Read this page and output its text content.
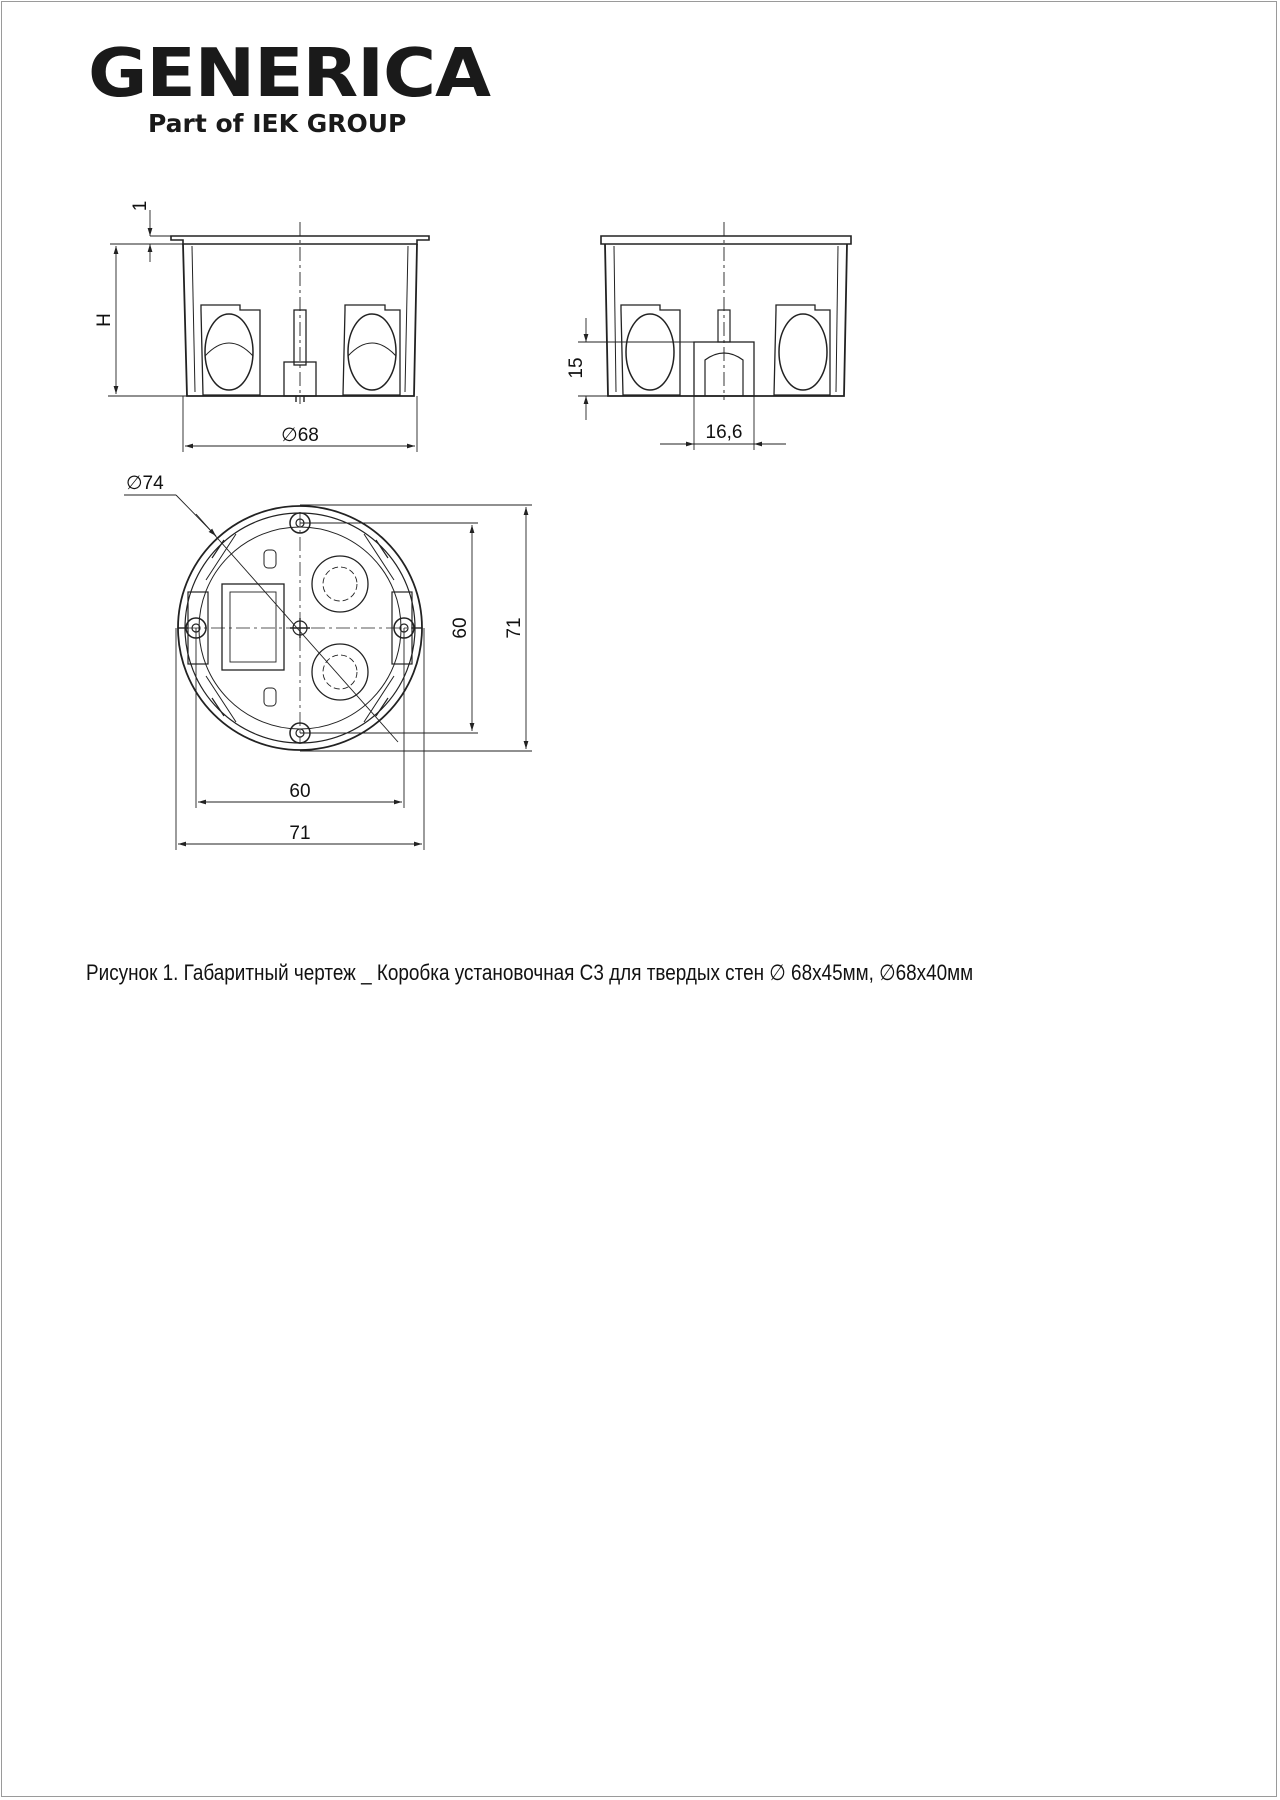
GENERICA
Part of IEK GROUP
1
H
∅68
15
16,6
∅74
60 71
60
71
Рисунок 1. Габаритный чертеж _ Коробка установочная С3 для твердых стен ∅ 68х45мм, ∅68х40мм
